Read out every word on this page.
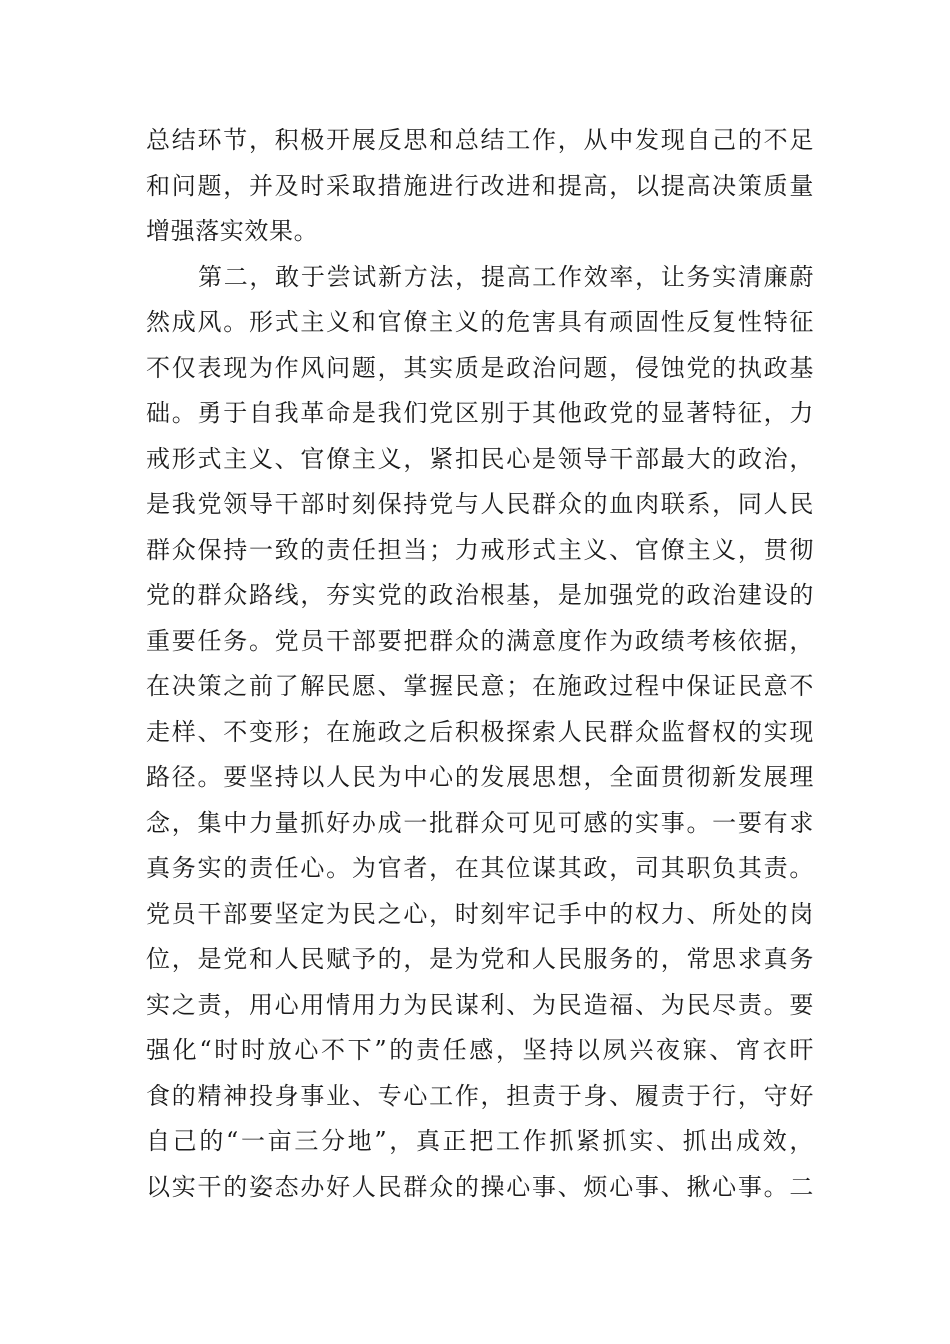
总结环节，积极开展反思和总结工作，从中发现自己的不足
和问题，并及时采取措施进行改进和提高，以提高决策质量
增强落实效果。
第二，敢于尝试新方法，提高工作效率，让务实清廉蔚
然成风。形式主义和官僚主义的危害具有顽固性反复性特征
不仅表现为作风问题，其实质是政治问题，侵蚀党的执政基
础。勇于自我革命是我们党区别于其他政党的显著特征，力
戒形式主义、官僚主义，紧扣民心是领导干部最大的政治，
是我党领导干部时刻保持党与人民群众的血肉联系，同人民
群众保持一致的责任担当；力戒形式主义、官僚主义，贯彻
党的群众路线，夯实党的政治根基，是加强党的政治建设的
重要任务。党员干部要把群众的满意度作为政绩考核依据，
在决策之前了解民愿、掌握民意；在施政过程中保证民意不
走样、不变形；在施政之后积极探索人民群众监督权的实现
路径。要坚持以人民为中心的发展思想，全面贯彻新发展理
念，集中力量抓好办成一批群众可见可感的实事。一要有求
真务实的责任心。为官者，在其位谋其政，司其职负其责。
党员干部要坚定为民之心，时刻牢记手中的权力、所处的岗
位，是党和人民赋予的，是为党和人民服务的，常思求真务
实之责，用心用情用力为民谋利、为民造福、为民尽责。要
强化“时时放心不下”的责任感，坚持以夙兴夜寐、宵衣旰
食的精神投身事业、专心工作，担责于身、履责于行，守好
自己的“一亩三分地”，真正把工作抓紧抓实、抓出成效，
以实干的姿态办好人民群众的操心事、烦心事、揪心事。二
